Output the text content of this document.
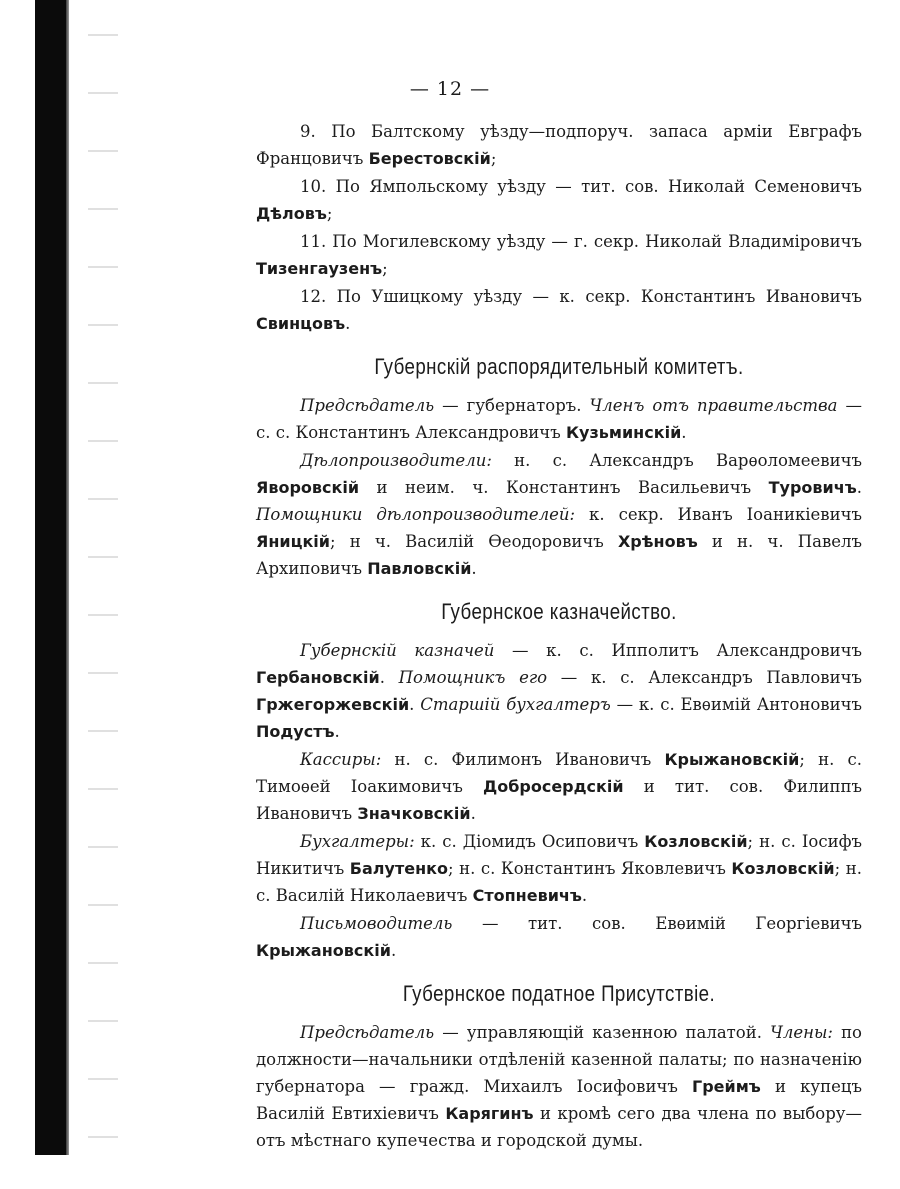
— 12 —

9. По Балтскому уѣзду—подпоруч. запаса арміи Евграфъ Францовичъ Берестовскій;

10. По Ямпольскому уѣзду — тит. сов. Николай Семеновичъ Дѣловъ;

11. По Могилевскому уѣзду — г. секр. Николай Владиміровичъ Тизенгаузенъ;

12. По Ушицкому уѣзду — к. секр. Константинъ Ивановичъ Свинцовъ.

Губернскій распорядительный комитетъ.

Предсѣдатель — губернаторъ. Членъ отъ правительства — с. с. Константинъ Александровичъ Кузьминскій.

Дѣлопроизводители: н. с. Александръ Варѳоломеевичъ Яворовскій и неим. ч. Константинъ Васильевичъ Туровичъ. Помощники дѣлопроизводителей: к. секр. Иванъ Іоаникіевичъ Яницкій; н ч. Василій Ѳеодоровичъ Хрѣновъ и н. ч. Павелъ Архиповичъ Павловскій.

Губернское казначейство.

Губернскій казначей — к. с. Ипполитъ Александровичъ Гербановскій. Помощникъ его — к. с. Александръ Павловичъ Гржегоржевскій. Старшій бухгалтеръ — к. с. Евѳимій Антоновичъ Подустъ.

Кассиры: н. с. Филимонъ Ивановичъ Крыжановскій; н. с. Тимоѳей Іоакимовичъ Добросердскій и тит. сов. Филиппъ Ивановичъ Значковскій.

Бухгалтеры: к. с. Діомидъ Осиповичъ Козловскій; н. с. Іосифъ Никитичъ Балутенко; н. с. Константинъ Яковлевичъ Козловскій; н. с. Василій Николаевичъ Стопневичъ.

Письмоводитель — тит. сов. Евѳимій Георгіевичъ Крыжановскій.

Губернское податное Присутствіе.

Предсѣдатель — управляющій казенною палатой. Члены: по должности—начальники отдѣленій казенной палаты; по назначенію губернатора — гражд. Михаилъ Іосифовичъ Греймъ и купецъ Василій Евтихіевичъ Карягинъ и кромѣ сего два члена по выбору— отъ мѣстнаго купечества и городской думы.
